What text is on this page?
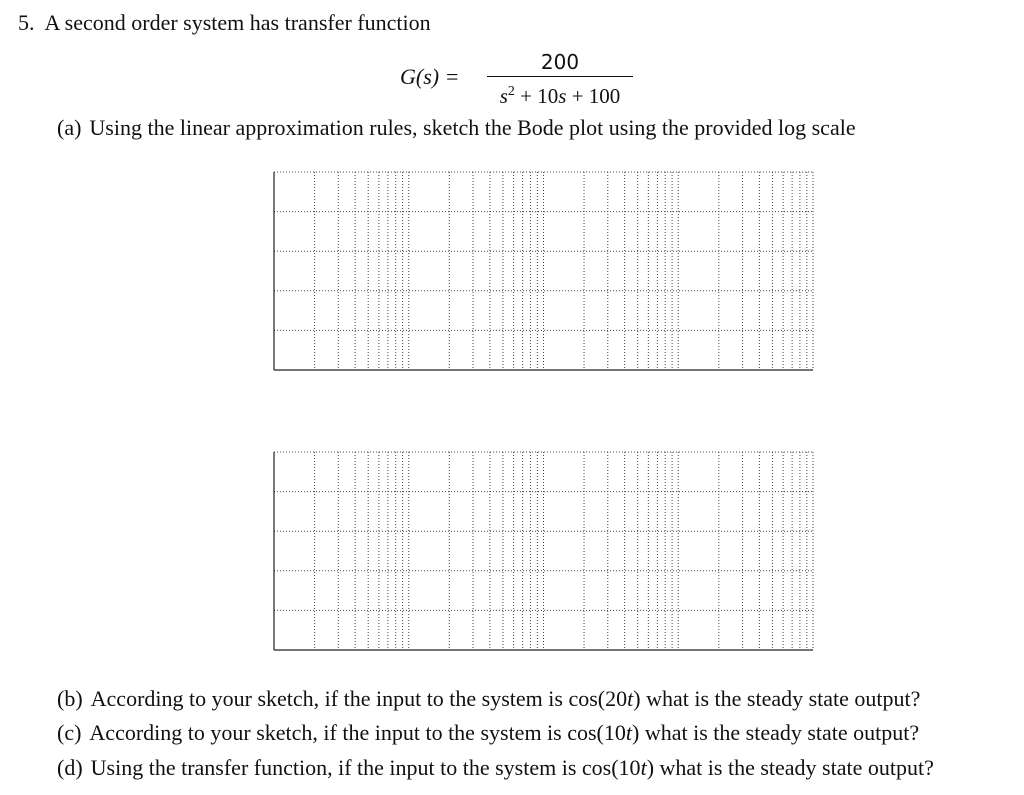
5. A second order system has transfer function
G(s) =
200
$s^2 + 10s + 100$
(a) Using the linear approximation rules, sketch the Bode plot using the provided log scale
(b) According to your sketch, if the input to the system is cos(20t) what is the steady state output?
(c) According to your sketch, if the input to the system is cos(10t) what is the steady state output?
(d) Using the transfer function, if the input to the system is cos(10t) what is the steady state output?
